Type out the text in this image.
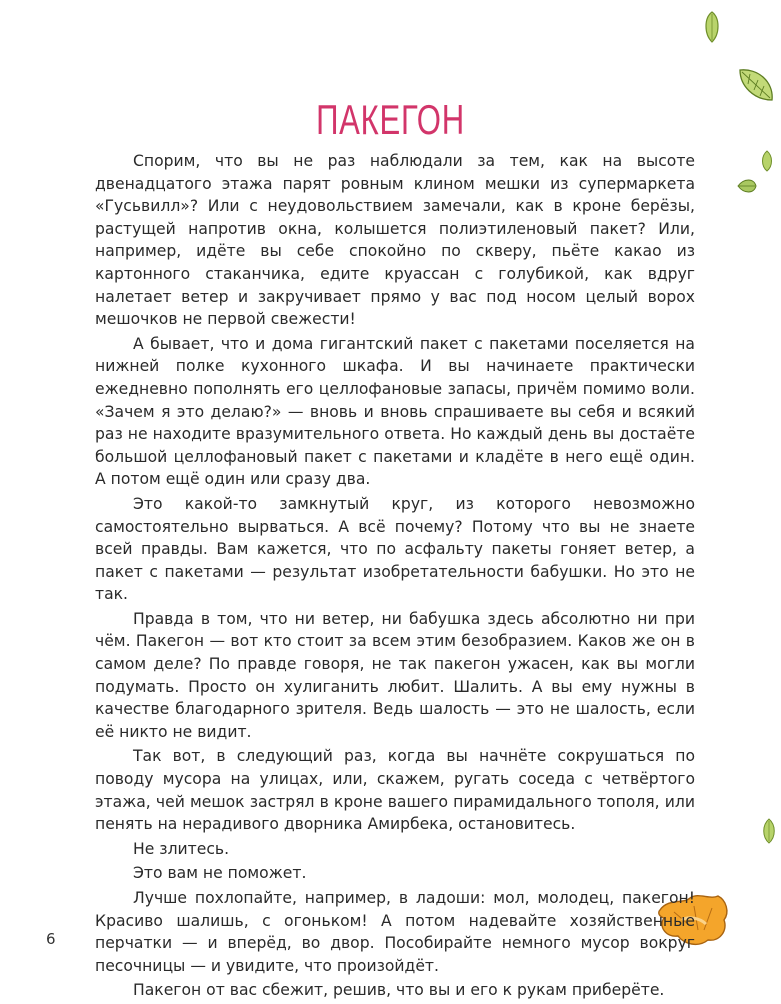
ПАКЕГОН

Спорим, что вы не раз наблюдали за тем, как на высоте двенадцатого этажа парят ровным клином мешки из супермаркета «Гусьвилл»? Или с неудовольствием замечали, как в кроне берёзы, растущей напротив окна, колышется полиэтиленовый пакет? Или, например, идёте вы себе спокойно по скверу, пьёте какао из картонного стаканчика, едите круассан с голубикой, как вдруг налетает ветер и закручивает прямо у вас под носом целый ворох мешочков не первой свежести!

А бывает, что и дома гигантский пакет с пакетами поселяется на нижней полке кухонного шкафа. И вы начинаете практически ежедневно пополнять его целлофановые запасы, причём помимо воли. «Зачем я это делаю?» — вновь и вновь спрашиваете вы себя и всякий раз не находите вразумительного ответа. Но каждый день вы достаёте большой целлофановый пакет с пакетами и кладёте в него ещё один. А потом ещё один или сразу два.

Это какой-то замкнутый круг, из которого невозможно самостоятельно вырваться. А всё почему? Потому что вы не знаете всей правды. Вам кажется, что по асфальту пакеты гоняет ветер, а пакет с пакетами — результат изобретательности бабушки. Но это не так.

Правда в том, что ни ветер, ни бабушка здесь абсолютно ни при чём. Пакегон — вот кто стоит за всем этим безобразием. Каков же он в самом деле? По правде говоря, не так пакегон ужасен, как вы могли подумать. Просто он хулиганить любит. Шалить. А вы ему нужны в качестве благодарного зрителя. Ведь шалость — это не шалость, если её никто не видит.

Так вот, в следующий раз, когда вы начнёте сокрушаться по поводу мусора на улицах, или, скажем, ругать соседа с четвёртого этажа, чей мешок застрял в кроне вашего пирамидального тополя, или пенять на нерадивого дворника Амирбека, остановитесь.

Не злитесь.

Это вам не поможет.

Лучше похлопайте, например, в ладоши: мол, молодец, пакегон! Красиво шалишь, с огоньком! А потом надевайте хозяйственные перчатки — и вперёд, во двор. Пособирайте немного мусор вокруг песочницы — и увидите, что произойдёт.

Пакегон от вас сбежит, решив, что вы и его к рукам приберёте.

6
